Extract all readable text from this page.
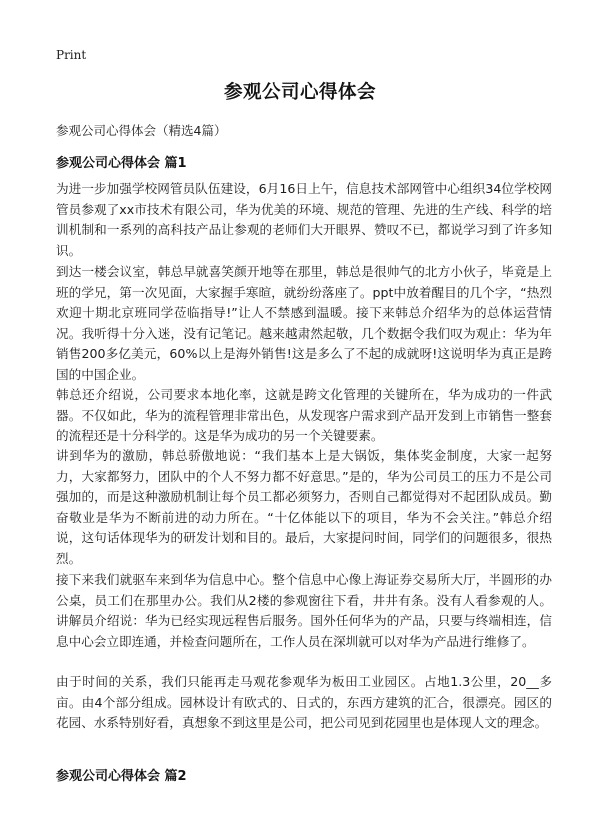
Print
参观公司心得体会
参观公司心得体会（精选4篇）
参观公司心得体会 篇1

为进一步加强学校网管员队伍建设，6月16日上午，信息技术部网管中心组织34位学校网管员参观了xx市技术有限公司，华为优美的环境、规范的管理、先进的生产线、科学的培训机制和一系列的高科技产品让参观的老师们大开眼界、赞叹不已，都说学习到了许多知识。

到达一楼会议室，韩总早就喜笑颜开地等在那里，韩总是很帅气的北方小伙子，毕竟是上班的学兄，第一次见面，大家握手寒暄，就纷纷落座了。ppt中放着醒目的几个字，“热烈欢迎十期北京班同学莅临指导!”让人不禁感到温暖。接下来韩总介绍华为的总体运营情况。我听得十分入迷，没有记笔记。越来越肃然起敬，几个数据令我们叹为观止：华为年销售200多亿美元，60%以上是海外销售!这是多么了不起的成就呀!这说明华为真正是跨国的中国企业。

韩总还介绍说，公司要求本地化率，这就是跨文化管理的关键所在，华为成功的一件武器。不仅如此，华为的流程管理非常出色，从发现客户需求到产品开发到上市销售一整套的流程还是十分科学的。这是华为成功的另一个关键要素。

讲到华为的激励，韩总骄傲地说：“我们基本上是大锅饭，集体奖金制度，大家一起努力，大家都努力，团队中的个人不努力都不好意思。”是的，华为公司员工的压力不是公司强加的，而是这种激励机制让每个员工都必须努力，否则自己都觉得对不起团队成员。勤奋敬业是华为不断前进的动力所在。“十亿体能以下的项目，华为不会关注。”韩总介绍说，这句话体现华为的研发计划和目的。最后，大家提问时间，同学们的问题很多，很热烈。

接下来我们就驱车来到华为信息中心。整个信息中心像上海证券交易所大厅，半圆形的办公桌，员工们在那里办公。我们从2楼的参观窗往下看，井井有条。没有人看参观的人。讲解员介绍说：华为已经实现远程售后服务。国外任何华为的产品，只要与终端相连，信息中心会立即连通，并检查问题所在，工作人员在深圳就可以对华为产品进行维修了。

由于时间的关系，我们只能再走马观花参观华为板田工业园区。占地1.3公里，20__多亩。由4个部分组成。园林设计有欧式的、日式的，东西方建筑的汇合，很漂亮。园区的花园、水系特别好看，真想象不到这里是公司，把公司见到花园里也是体现人文的理念。

参观公司心得体会 篇2
